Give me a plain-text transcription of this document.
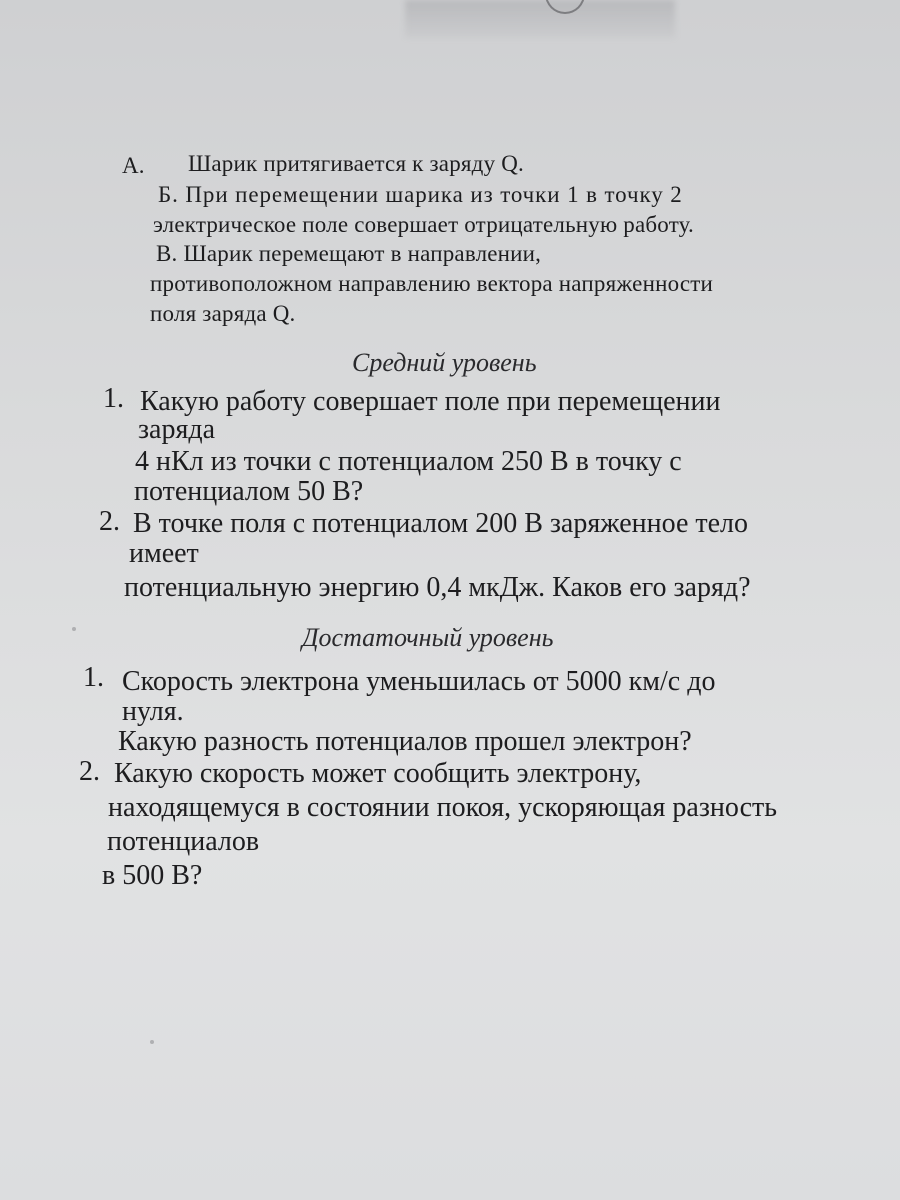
А. Шарик притягивается к заряду Q.
Б. При перемещении шарика из точки 1 в точку 2
электрическое поле совершает отрицательную работу.
В. Шарик перемещают в направлении,
противоположном направлению вектора напряженности
поля заряда Q.
Средний уровень
1. Какую работу совершает поле при перемещении
заряда
4 нКл из точки с потенциалом 250 В в точку с
потенциалом 50 В?
2. В точке поля с потенциалом 200 В заряженное тело
имеет
потенциальную энергию 0,4 мкДж. Каков его заряд?
Достаточный уровень
1. Скорость электрона уменьшилась от 5000 км/с до
нуля.
Какую разность потенциалов прошел электрон?
2. Какую скорость может сообщить электрону,
находящемуся в состоянии покоя, ускоряющая разность
потенциалов
в 500 В?
